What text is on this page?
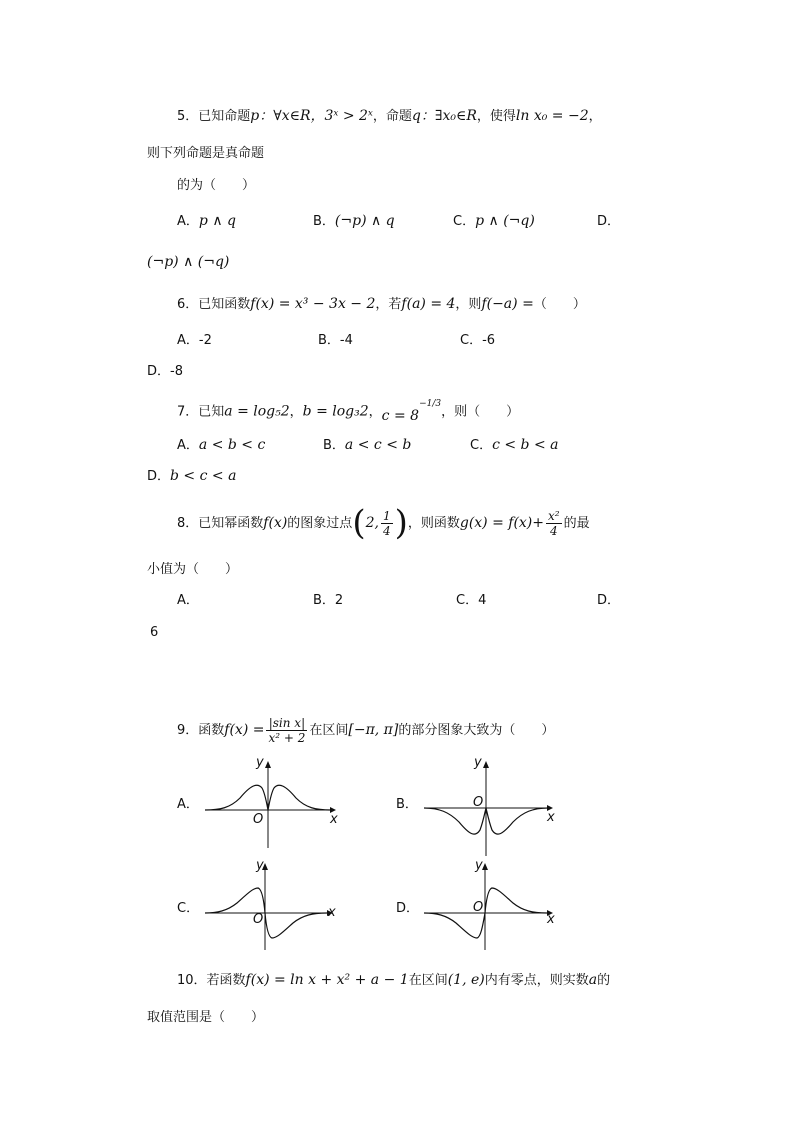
5．已知命题p：∀x∈R，3ˣ > 2ˣ，命题q：∃x₀∈R，使得ln x₀ = −2，
则下列命题是真命题
的为（　　）
A．p ∧ q	B．(¬p) ∧ q	C．p ∧ (¬q)	D．
(¬p) ∧ (¬q)
6．已知函数f(x) = x³ − 3x − 2，若f(a) = 4，则f(−a) =（　　）
A．-2	B．-4	C．-6
D．-8
7．已知a = log₅2，b = log₃2，$c = 8^{-1/3}$，则（　　）
A．a < b < c	B．a < c < b	C．c < b < a
D．b < c < a
8．已知幂函数f(x)的图象过点(2, $\frac{1}{4}$ )，则函数$g(x) = f(x)+ \frac{\text{x²}}{4}$ 的最
小值为（　　）
A．	B．2	C．4	D．
6
9．函数$f(x) = \frac{\text{|sin x|}}{\text{x² + 2}}$ 在区间[−π, π]的部分图象大致为（　　）
A．	B．
C．	D．
y
x
O
y
x
O
y
x
O
y
x
O
10．若函数f(x) = ln x + x² + a − 1在区间(1, e)内有零点，则实数a的
取值范围是（　　）
